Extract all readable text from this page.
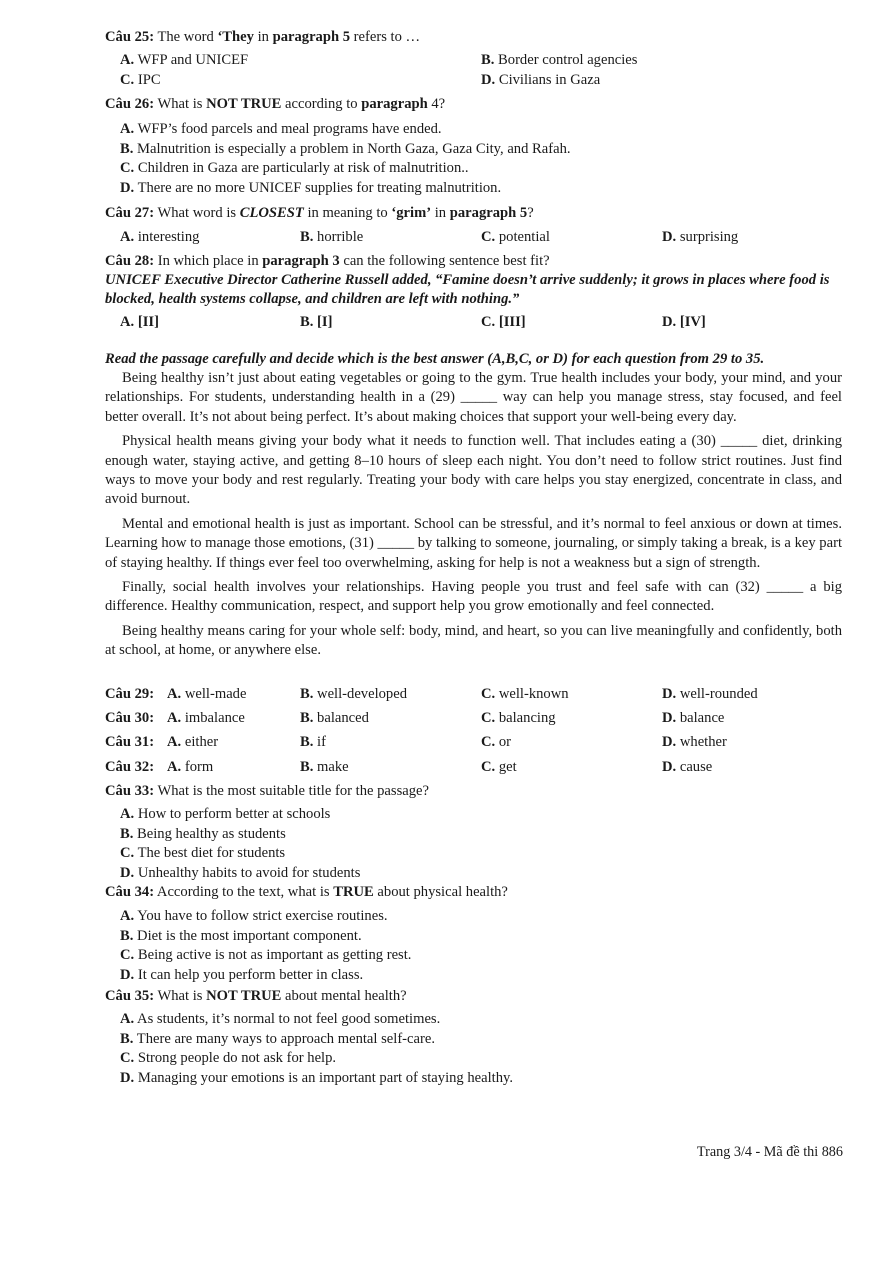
Câu 25: The word ‘They in paragraph 5 refers to …
A. WFP and UNICEF	B. Border control agencies
C. IPC	D. Civilians in Gaza
Câu 26: What is NOT TRUE according to paragraph 4?
A. WFP’s food parcels and meal programs have ended.
B. Malnutrition is especially a problem in North Gaza, Gaza City, and Rafah.
C. Children in Gaza are particularly at risk of malnutrition..
D. There are no more UNICEF supplies for treating malnutrition.
Câu 27: What word is CLOSEST in meaning to ‘grim’ in paragraph 5?
A. interesting	B. horrible	C. potential	D. surprising
Câu 28: In which place in paragraph 3 can the following sentence best fit?
UNICEF Executive Director Catherine Russell added, “Famine doesn’t arrive suddenly; it grows in places where food is blocked, health systems collapse, and children are left with nothing.”
A. [II]	B. [I]	C. [III]	D. [IV]
Read the passage carefully and decide which is the best answer (A,B,C, or D) for each question from 29 to 35.

Being healthy isn’t just about eating vegetables or going to the gym. True health includes your body, your mind, and your relationships. For students, understanding health in a (29) _____ way can help you manage stress, stay focused, and feel better overall. It’s not about being perfect. It’s about making choices that support your well-being every day.

Physical health means giving your body what it needs to function well. That includes eating a (30) _____ diet, drinking enough water, staying active, and getting 8–10 hours of sleep each night. You don’t need to follow strict routines. Just find ways to move your body and rest regularly. Treating your body with care helps you stay energized, concentrate in class, and avoid burnout.

Mental and emotional health is just as important. School can be stressful, and it’s normal to feel anxious or down at times. Learning how to manage those emotions, (31) _____ by talking to someone, journaling, or simply taking a break, is a key part of staying healthy. If things ever feel too overwhelming, asking for help is not a weakness but a sign of strength.

Finally, social health involves your relationships. Having people you trust and feel safe with can (32) _____ a big difference. Healthy communication, respect, and support help you grow emotionally and feel connected.

Being healthy means caring for your whole self: body, mind, and heart, so you can live meaningfully and confidently, both at school, at home, or anywhere else.

Câu 29: A. well-made	B. well-developed	C. well-known	D. well-rounded
Câu 30: A. imbalance	B. balanced	C. balancing	D. balance
Câu 31: A. either	B. if	C. or	D. whether
Câu 32: A. form	B. make	C. get	D. cause
Câu 33: What is the most suitable title for the passage?
A. How to perform better at schools
B. Being healthy as students
C. The best diet for students
D. Unhealthy habits to avoid for students
Câu 34: According to the text, what is TRUE about physical health?
A. You have to follow strict exercise routines.
B. Diet is the most important component.
C. Being active is not as important as getting rest.
D. It can help you perform better in class.
Câu 35: What is NOT TRUE about mental health?
A. As students, it’s normal to not feel good sometimes.
B. There are many ways to approach mental self-care.
C. Strong people do not ask for help.
D. Managing your emotions is an important part of staying healthy.
Trang 3/4 - Mã đề thi 886
